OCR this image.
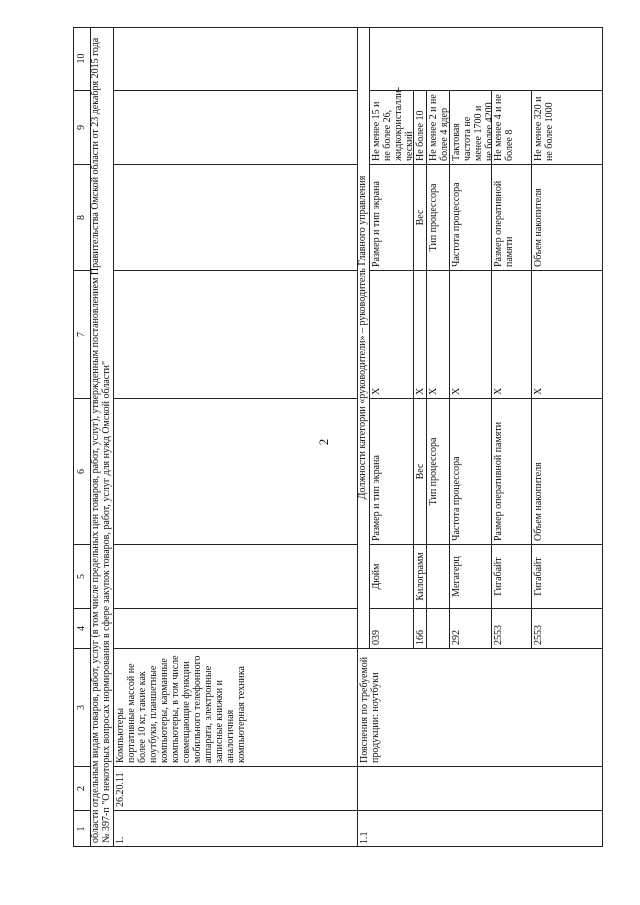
2
1
2
3
4
5
6
7
8
9
10 области отдельным видам товаров, работ, услуг (в том числе предельных цен товаров, работ, услуг), утвержденным постановлением Правительства Омской области от 23 декабря 2015 года № 397-п "О некоторых вопросах нормирования в сфере закупок товаров, работ, услуг для нужд Омской области" 1.
26.20.11
Компьютеры портативные массой не более 10 кг, такие как ноутбуки, планшетные компьютеры, карманные компьютеры, в том числе совмещающие функции мобильного телефонного аппарата, электронные записные книжки и аналогичная компьютерная техника
1.1
Пояснения по требуемой продукции: ноутбуки
Должности категории «руководители» – руководитель Главного управления
039
Дюйм
Размер и тип экрана
X
Размер и тип экрана
Не менее 15 и не более 26, жидкокристалли-ческий
166
Килограмм
Вес
X
Вес
Не более 10
Тип процессора
X
Тип процессора
Не менее 2 и не более 4 ядер
292
Мегагерц
Частота процессора
X
Частота процессора
Тактовая частота не менее 1700 и не более 4200
2553
Гигабайт
Размер оперативной памяти
X
Размер оперативной памяти
Не менее 4 и не более 8
2553
Гигабайт
Объем накопителя
X
Объем накопителя
Не менее 320 и не более 1000
